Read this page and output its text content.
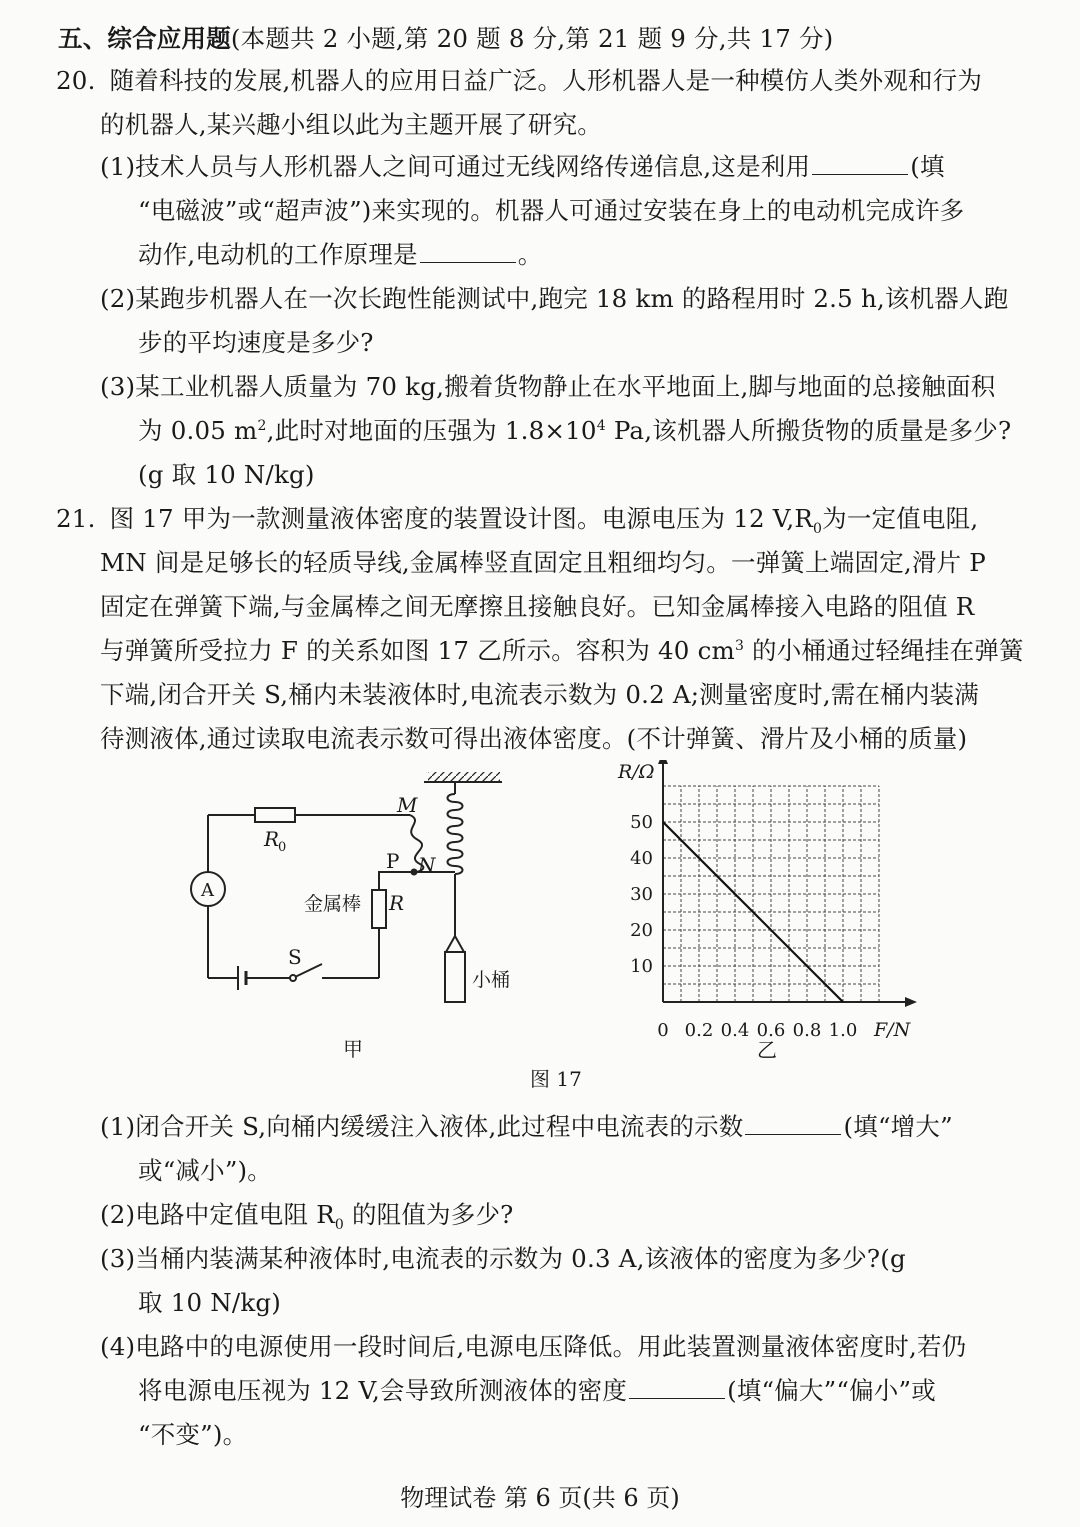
五、综合应用题(本题共 2 小题,第 20 题 8 分,第 21 题 9 分,共 17 分)
20. 随着科技的发展,机器人的应用日益广泛。人形机器人是一种模仿人类外观和行为
的机器人,某兴趣小组以此为主题开展了研究。
(1)技术人员与人形机器人之间可通过无线网络传递信息,这是利用	(填
“电磁波”或“超声波”)来实现的。机器人可通过安装在身上的电动机完成许多
动作,电动机的工作原理是	。
(2)某跑步机器人在一次长跑性能测试中,跑完 18 km 的路程用时 2.5 h,该机器人跑
步的平均速度是多少?
(3)某工业机器人质量为 70 kg,搬着货物静止在水平地面上,脚与地面的总接触面积
为 0.05 $m^2$,此时对地面的压强为 $1.8\times 10^4$ Pa,该机器人所搬货物的质量是多少?
(g 取 10 N/kg)
21. 图 17 甲为一款测量液体密度的装置设计图。电源电压为 12 $V,R_0$为一定值电阻,
MN 间是足够长的轻质导线,金属棒竖直固定且粗细均匀。一弹簧上端固定,滑片 P
固定在弹簧下端,与金属棒之间无摩擦且接触良好。已知金属棒接入电路的阻值 R
与弹簧所受拉力 F 的关系如图 17 乙所示。容积为 40 $cm^3$ 的小桶通过轻绳挂在弹簧
下端,闭合开关 S,桶内未装液体时,电流表示数为 0.2 A;测量密度时,需在桶内装满
待测液体,通过读取电流表示数可得出液体密度。(不计弹簧、滑片及小桶的质量)
A
R
0
M
N
P
金属棒 R
S
小桶
甲
R/Ω
F/N
0 0.2 0.4 0.6 0.8 1.0
10
20
30
40
50
乙
图 17
(1)闭合开关 S,向桶内缓缓注入液体,此过程中电流表的示数	(填“增大”
或“减小”)。
(2)电路中定值电阻 $R_0$ 的阻值为多少?
(3)当桶内装满某种液体时,电流表的示数为 0.3 A,该液体的密度为多少?(g
取 10 N/kg)
(4)电路中的电源使用一段时间后,电源电压降低。用此装置测量液体密度时,若仍
将电源电压视为 12 V,会导致所测液体的密度	(填“偏大”“偏小”或
“不变”)。
物理试卷 第 6 页(共 6 页)
